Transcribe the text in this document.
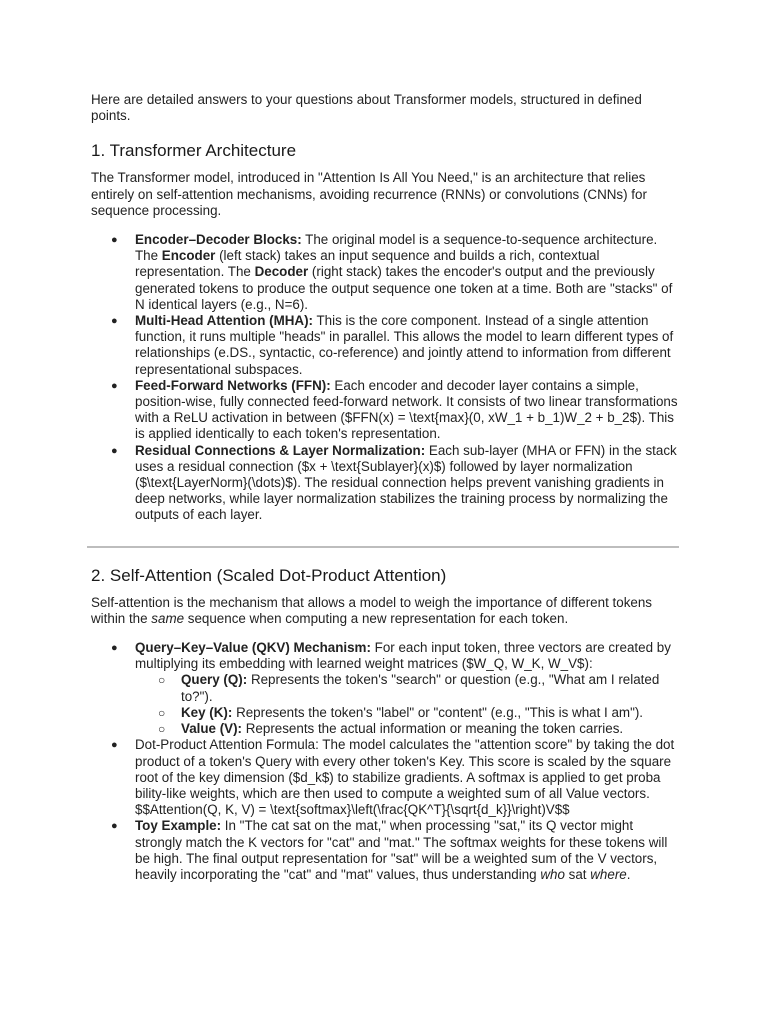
Here are detailed answers to your questions about Transformer models, structured in defined points.

1. Transformer Architecture

The Transformer model, introduced in "Attention Is All You Need," is an architecture that relies entirely on self-attention mechanisms, avoiding recurrence (RNNs) or convolutions (CNNs) for sequence processing.

● Encoder–Decoder Blocks: The original model is a sequence-to-sequence architecture. The Encoder (left stack) takes an input sequence and builds a rich, contextual representation. The Decoder (right stack) takes the encoder's output and the previously generated tokens to produce the output sequence one token at a time. Both are "stacks" of N identical layers (e.g., N=6).
● Multi-Head Attention (MHA): This is the core component. Instead of a single attention function, it runs multiple "heads" in parallel. This allows the model to learn different types of relationships (e.DS., syntactic, co-reference) and jointly attend to information from different representational subspaces.
● Feed-Forward Networks (FFN): Each encoder and decoder layer contains a simple, position-wise, fully connected feed-forward network. It consists of two linear transformations with a ReLU activation in between ($FFN(x) = \text{max}(0, xW_1 + b_1)W_2 + b_2$). This is applied identically to each token's representation.
● Residual Connections & Layer Normalization: Each sub-layer (MHA or FFN) in the stack uses a residual connection ($x + \text{Sublayer}(x)$) followed by layer normalization ($\text{LayerNorm}(\dots)$). The residual connection helps prevent vanishing gradients in deep networks, while layer normalization stabilizes the training process by normalizing the outputs of each layer.
2. Self-Attention (Scaled Dot-Product Attention)

Self-attention is the mechanism that allows a model to weigh the importance of different tokens within the same sequence when computing a new representation for each token.

● Query–Key–Value (QKV) Mechanism: For each input token, three vectors are created by multiplying its embedding with learned weight matrices ($W_Q, W_K, W_V$):
○ Query (Q): Represents the token's "search" or question (e.g., "What am I related to?").
○ Key (K): Represents the token's "label" or "content" (e.g., "This is what I am").
○ Value (V): Represents the actual information or meaning the token carries.
● Dot-Product Attention Formula: The model calculates the "attention score" by taking the dot product of a token's Query with every other token's Key. This score is scaled by the square root of the key dimension ($d_k$) to stabilize gradients. A softmax is applied to get proba
bility-like weights, which are then used to compute a weighted sum of all Value vectors.
$$Attention(Q, K, V) = \text{softmax}\left(\frac{QK^T}{\sqrt{d_k}}\right)V$$
● Toy Example: In "The cat sat on the mat," when processing "sat," its Q vector might strongly match the K vectors for "cat" and "mat." The softmax weights for these tokens will be high. The final output representation for "sat" will be a weighted sum of the V vectors, heavily incorporating the "cat" and "mat" values, thus understanding who sat where.
